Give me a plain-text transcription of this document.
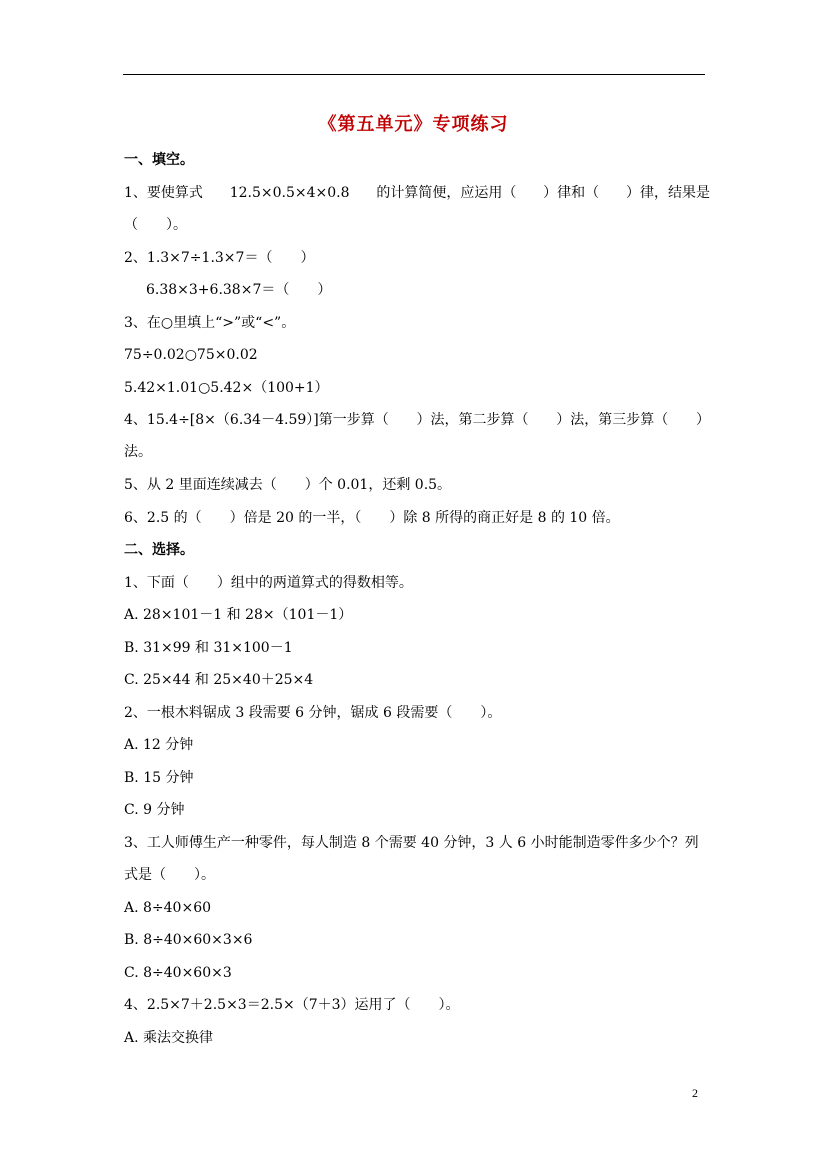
《第五单元》专项练习
一、填空。
1、要使算式 12.5×0.5×4×0.8 的计算简便，应运用（ ）律和（ ）律，结果是
（　　）。
2、1.3×7÷1.3×7＝（　　）
6.38×3+6.38×7＝（　　）
3、在○里填上“>”或“<”。
75÷0.02○75×0.02
5.42×1.01○5.42×（100+1）
4、15.4÷[8×（6.34－4.59）]第一步算（ ）法，第二步算（ ）法，第三步算（ ）
法。
5、从 2 里面连续减去（　　）个 0.01，还剩 0.5。
6、2.5 的（　　）倍是 20 的一半，（　　）除 8 所得的商正好是 8 的 10 倍。
二、选择。
1、下面（　　）组中的两道算式的得数相等。
A. 28×101－1 和 28×（101－1）
B. 31×99 和 31×100－1
C. 25×44 和 25×40＋25×4
2、一根木料锯成 3 段需要 6 分钟，锯成 6 段需要（　　）。
A. 12 分钟
B. 15 分钟
C. 9 分钟
3、工人师傅生产一种零件，每人制造 8 个需要 40 分钟，3 人 6 小时能制造零件多少个？列
式是（　　）。
A. 8÷40×60
B. 8÷40×60×3×6
C. 8÷40×60×3
4、2.5×7＋2.5×3＝2.5×（7＋3）运用了（　　）。
A. 乘法交换律
2
